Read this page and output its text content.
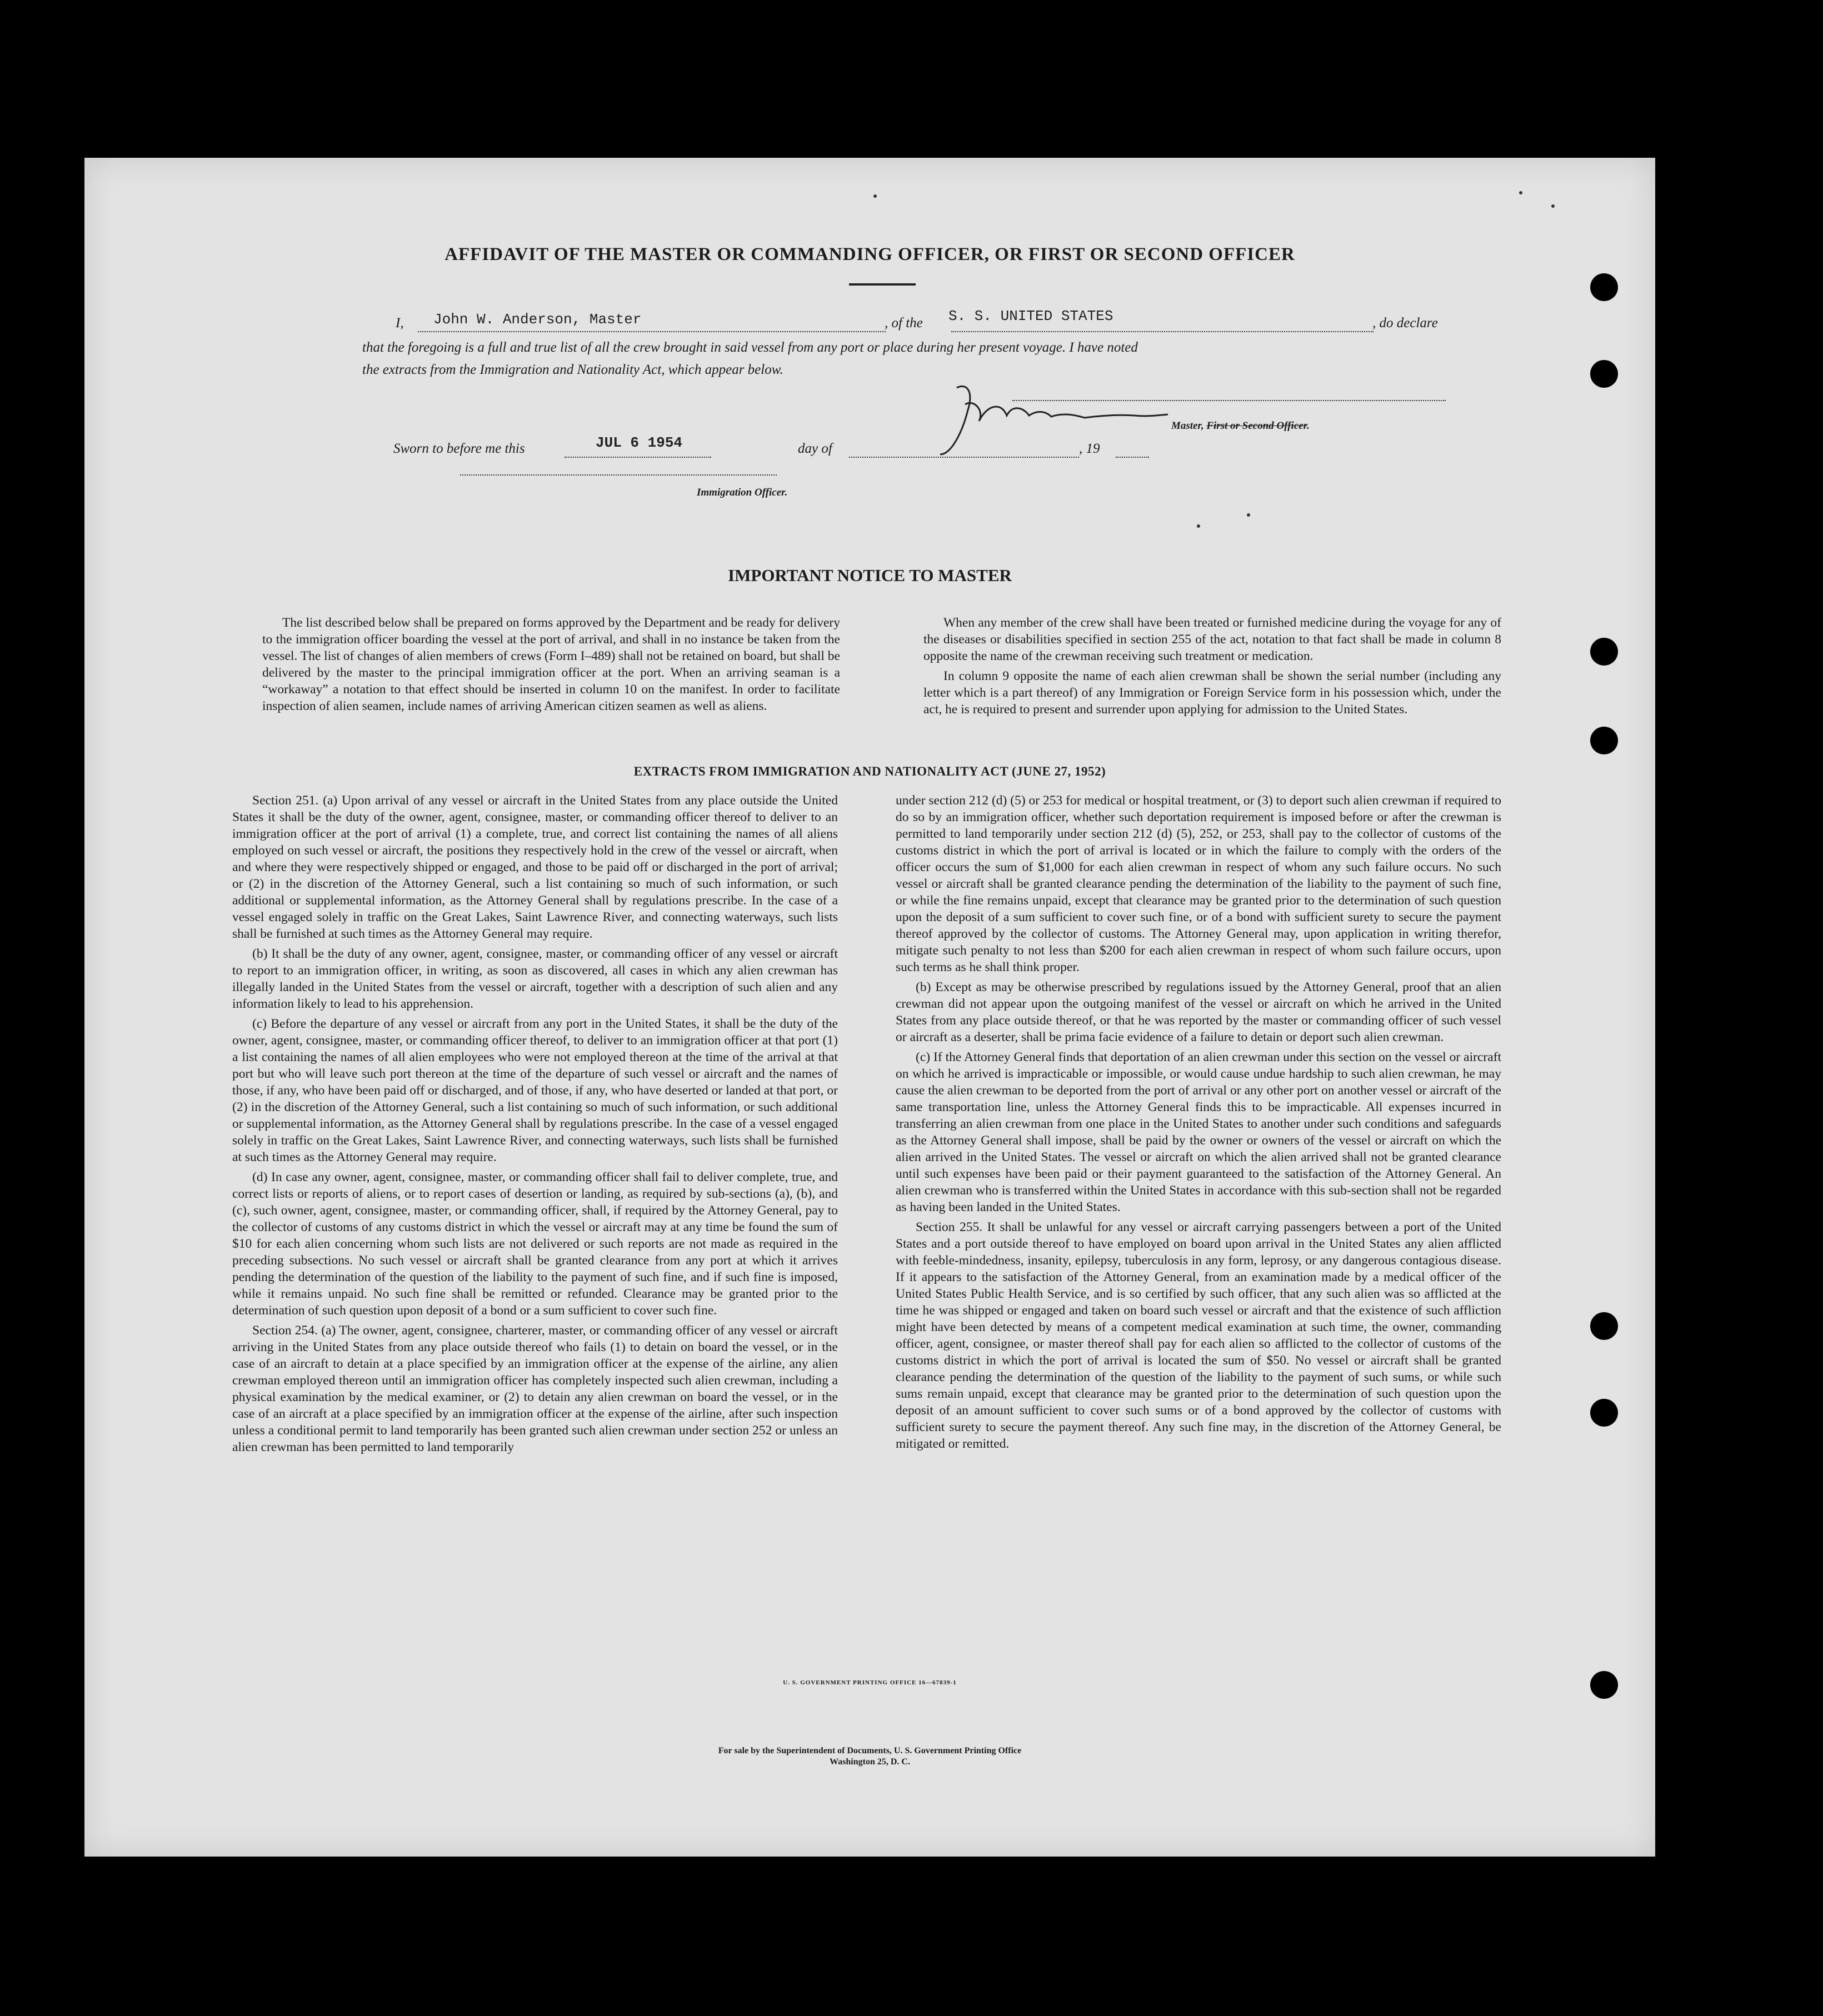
AFFIDAVIT OF THE MASTER OR COMMANDING OFFICER, OR FIRST OR SECOND OFFICER
I, John W. Anderson, Master	, of the S. S. UNITED STATES	, do declare
that the foregoing is a full and true list of all the crew brought in said vessel from any port or place during her present voyage. I have noted
the extracts from the Immigration and Nationality Act, which appear below.
Master, First or Second Officer.
Sworn to before me this	JUL 6 1954	day of	, 19
Immigration Officer.
IMPORTANT NOTICE TO MASTER

The list described below shall be prepared on forms approved by the Department and be ready for delivery to the immigration officer boarding the vessel at the port of arrival, and shall in no instance be taken from the vessel. The list of changes of alien members of crews (Form I–489) shall not be retained on board, but shall be delivered by the master to the principal immigration officer at the port. When an arriving seaman is a “workaway” a notation to that effect should be inserted in column 10 on the manifest. In order to facilitate inspection of alien seamen, include names of arriving American citizen seamen as well as aliens.

When any member of the crew shall have been treated or furnished medicine during the voyage for any of the diseases or disabilities specified in section 255 of the act, notation to that fact shall be made in column 8 opposite the name of the crewman receiving such treatment or medication.

In column 9 opposite the name of each alien crewman shall be shown the serial number (including any letter which is a part thereof) of any Immigration or Foreign Service form in his possession which, under the act, he is required to present and surrender upon applying for admission to the United States.

EXTRACTS FROM IMMIGRATION AND NATIONALITY ACT (JUNE 27, 1952)

Section 251. (a) Upon arrival of any vessel or aircraft in the United States from any place outside the United States it shall be the duty of the owner, agent, consignee, master, or commanding officer thereof to deliver to an immigration officer at the port of arrival (1) a complete, true, and correct list containing the names of all aliens employed on such vessel or aircraft, the positions they respectively hold in the crew of the vessel or aircraft, when and where they were respectively shipped or engaged, and those to be paid off or discharged in the port of arrival; or (2) in the discretion of the Attorney General, such a list containing so much of such information, or such additional or supplemental information, as the Attorney General shall by regulations prescribe. In the case of a vessel engaged solely in traffic on the Great Lakes, Saint Lawrence River, and connecting waterways, such lists shall be furnished at such times as the Attorney General may require.

(b) It shall be the duty of any owner, agent, consignee, master, or commanding officer of any vessel or aircraft to report to an immigration officer, in writing, as soon as discovered, all cases in which any alien crewman has illegally landed in the United States from the vessel or aircraft, together with a description of such alien and any information likely to lead to his apprehension.

(c) Before the departure of any vessel or aircraft from any port in the United States, it shall be the duty of the owner, agent, consignee, master, or commanding officer thereof, to deliver to an immigration officer at that port (1) a list containing the names of all alien employees who were not employed thereon at the time of the arrival at that port but who will leave such port thereon at the time of the departure of such vessel or aircraft and the names of those, if any, who have been paid off or discharged, and of those, if any, who have deserted or landed at that port, or (2) in the discretion of the Attorney General, such a list containing so much of such information, or such additional or supplemental information, as the Attorney General shall by regulations prescribe. In the case of a vessel engaged solely in traffic on the Great Lakes, Saint Lawrence River, and connecting waterways, such lists shall be furnished at such times as the Attorney General may require.

(d) In case any owner, agent, consignee, master, or commanding officer shall fail to deliver complete, true, and correct lists or reports of aliens, or to report cases of desertion or landing, as required by sub-sections (a), (b), and (c), such owner, agent, consignee, master, or commanding officer, shall, if required by the Attorney General, pay to the collector of customs of any customs district in which the vessel or aircraft may at any time be found the sum of $10 for each alien concerning whom such lists are not delivered or such reports are not made as required in the preceding subsections. No such vessel or aircraft shall be granted clearance from any port at which it arrives pending the determination of the question of the liability to the payment of such fine, and if such fine is imposed, while it remains unpaid. No such fine shall be remitted or refunded. Clearance may be granted prior to the determination of such question upon deposit of a bond or a sum sufficient to cover such fine.

Section 254. (a) The owner, agent, consignee, charterer, master, or commanding officer of any vessel or aircraft arriving in the United States from any place outside thereof who fails (1) to detain on board the vessel, or in the case of an aircraft to detain at a place specified by an immigration officer at the expense of the airline, any alien crewman employed thereon until an immigration officer has completely inspected such alien crewman, including a physical examination by the medical examiner, or (2) to detain any alien crewman on board the vessel, or in the case of an aircraft at a place specified by an immigration officer at the expense of the airline, after such inspection unless a conditional permit to land temporarily has been granted such alien crewman under section 252 or unless an alien crewman has been permitted to land temporarily

under section 212 (d) (5) or 253 for medical or hospital treatment, or (3) to deport such alien crewman if required to do so by an immigration officer, whether such deportation requirement is imposed before or after the crewman is permitted to land temporarily under section 212 (d) (5), 252, or 253, shall pay to the collector of customs of the customs district in which the port of arrival is located or in which the failure to comply with the orders of the officer occurs the sum of $1,000 for each alien crewman in respect of whom any such failure occurs. No such vessel or aircraft shall be granted clearance pending the determination of the liability to the payment of such fine, or while the fine remains unpaid, except that clearance may be granted prior to the determination of such question upon the deposit of a sum sufficient to cover such fine, or of a bond with sufficient surety to secure the payment thereof approved by the collector of customs. The Attorney General may, upon application in writing therefor, mitigate such penalty to not less than $200 for each alien crewman in respect of whom such failure occurs, upon such terms as he shall think proper.

(b) Except as may be otherwise prescribed by regulations issued by the Attorney General, proof that an alien crewman did not appear upon the outgoing manifest of the vessel or aircraft on which he arrived in the United States from any place outside thereof, or that he was reported by the master or commanding officer of such vessel or aircraft as a deserter, shall be prima facie evidence of a failure to detain or deport such alien crewman.

(c) If the Attorney General finds that deportation of an alien crewman under this section on the vessel or aircraft on which he arrived is impracticable or impossible, or would cause undue hardship to such alien crewman, he may cause the alien crewman to be deported from the port of arrival or any other port on another vessel or aircraft of the same transportation line, unless the Attorney General finds this to be impracticable. All expenses incurred in transferring an alien crewman from one place in the United States to another under such conditions and safeguards as the Attorney General shall impose, shall be paid by the owner or owners of the vessel or aircraft on which the alien arrived in the United States. The vessel or aircraft on which the alien arrived shall not be granted clearance until such expenses have been paid or their payment guaranteed to the satisfaction of the Attorney General. An alien crewman who is transferred within the United States in accordance with this sub-section shall not be regarded as having been landed in the United States.

Section 255. It shall be unlawful for any vessel or aircraft carrying passengers between a port of the United States and a port outside thereof to have employed on board upon arrival in the United States any alien afflicted with feeble-mindedness, insanity, epilepsy, tuberculosis in any form, leprosy, or any dangerous contagious disease. If it appears to the satisfaction of the Attorney General, from an examination made by a medical officer of the United States Public Health Service, and is so certified by such officer, that any such alien was so afflicted at the time he was shipped or engaged and taken on board such vessel or aircraft and that the existence of such affliction might have been detected by means of a competent medical examination at such time, the owner, commanding officer, agent, consignee, or master thereof shall pay for each alien so afflicted to the collector of customs of the customs district in which the port of arrival is located the sum of $50. No vessel or aircraft shall be granted clearance pending the determination of the question of the liability to the payment of such sums, or while such sums remain unpaid, except that clearance may be granted prior to the determination of such question upon the deposit of an amount sufficient to cover such sums or of a bond approved by the collector of customs with sufficient surety to secure the payment thereof. Any such fine may, in the discretion of the Attorney General, be mitigated or remitted.

U. S. GOVERNMENT PRINTING OFFICE 16—67839-1
For sale by the Superintendent of Documents, U. S. Government Printing Office
Washington 25, D. C.
